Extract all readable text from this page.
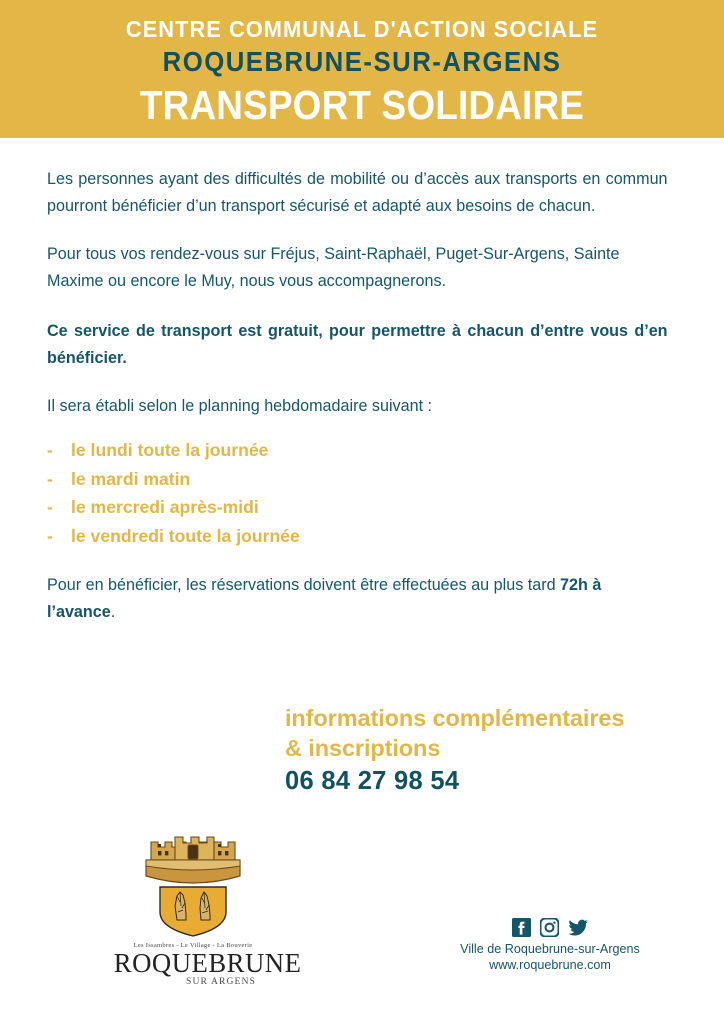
CENTRE COMMUNAL D'ACTION SOCIALE
ROQUEBRUNE-SUR-ARGENS
TRANSPORT SOLIDAIRE

Les personnes ayant des difficultés de mobilité ou d’accès aux transports en commun pourront bénéficier d’un transport sécurisé et adapté aux besoins de chacun.

Pour tous vos rendez-vous sur Fréjus, Saint-Raphaël, Puget-Sur-Argens, Sainte Maxime ou encore le Muy, nous vous accompagnerons.

Ce service de transport est gratuit, pour permettre à chacun d’entre vous d’en bénéficier.

Il sera établi selon le planning hebdomadaire suivant :

-	le lundi toute la journée
-	le mardi matin
-	le mercredi après-midi
-	le vendredi toute la journée

Pour en bénéficier, les réservations doivent être effectuées au plus tard 72h à l’avance.

informations complémentaires
& inscriptions
06 84 27 98 54
Les Issambres - Le Village - La Bouverie
ROQUEBRUNE
SUR ARGENS
Ville de Roquebrune-sur-Argens
www.roquebrune.com
